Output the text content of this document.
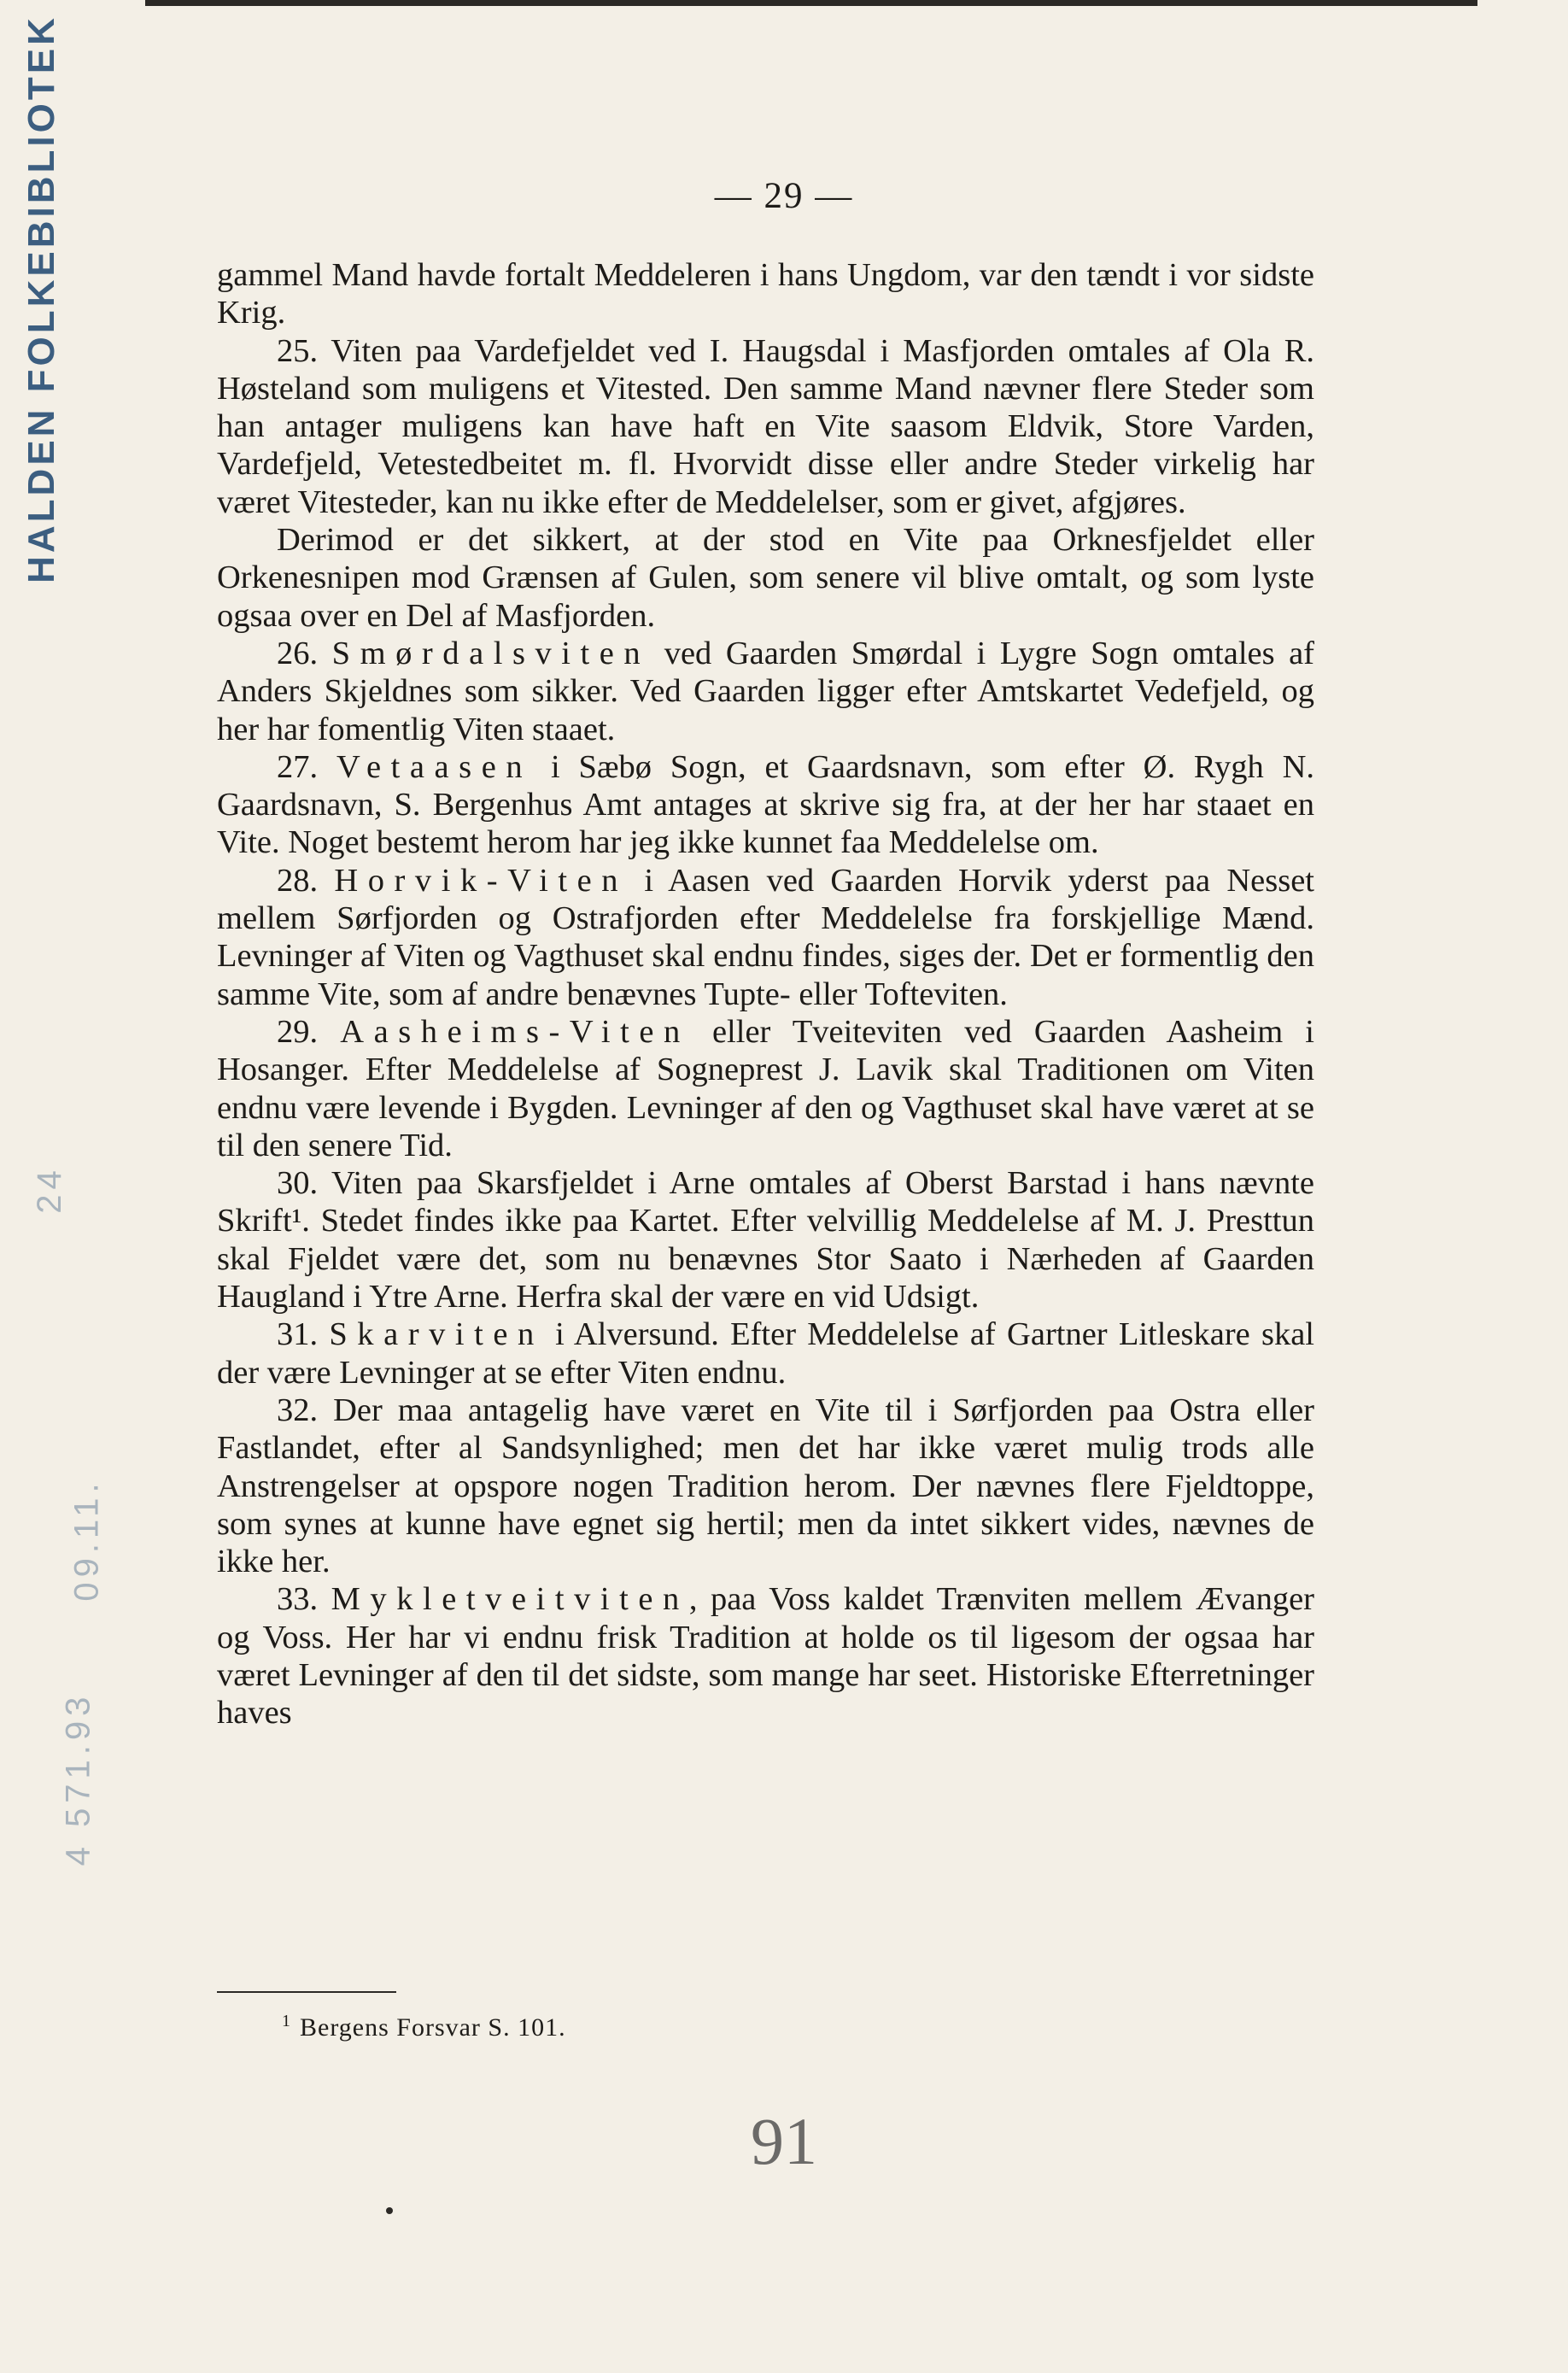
HALDEN FOLKEBIBLIOTEK
24
09.11.
4 571.93
— 29 —

gammel Mand havde fortalt Meddeleren i hans Ungdom, var den tændt i vor sidste Krig.

25. Viten paa Vardefjeldet ved I. Haugsdal i Masfjorden omtales af Ola R. Høsteland som muligens et Vitested. Den samme Mand nævner flere Steder som han antager muligens kan have haft en Vite saasom Eldvik, Store Varden, Vardefjeld, Vetestedbeitet m. fl. Hvorvidt disse eller andre Steder virkelig har været Vitesteder, kan nu ikke efter de Meddelelser, som er givet, afgjøres.

Derimod er det sikkert, at der stod en Vite paa Orknesfjeldet eller Orkenesnipen mod Grænsen af Gulen, som senere vil blive omtalt, og som lyste ogsaa over en Del af Masfjorden.

26. Smørdalsviten ved Gaarden Smørdal i Lygre Sogn omtales af Anders Skjeldnes som sikker. Ved Gaarden ligger efter Amtskartet Vedefjeld, og her har fomentlig Viten staaet.

27. Vetaasen i Sæbø Sogn, et Gaardsnavn, som efter Ø. Rygh N. Gaardsnavn, S. Bergenhus Amt antages at skrive sig fra, at der her har staaet en Vite. Noget bestemt herom har jeg ikke kunnet faa Meddelelse om.

28. Horvik-Viten i Aasen ved Gaarden Horvik yderst paa Nesset mellem Sørfjorden og Ostrafjorden efter Meddelelse fra forskjellige Mænd. Levninger af Viten og Vagthuset skal endnu findes, siges der. Det er formentlig den samme Vite, som af andre benævnes Tupte- eller Tofteviten.

29. Aasheims-Viten eller Tveiteviten ved Gaarden Aasheim i Hosanger. Efter Meddelelse af Sogneprest J. Lavik skal Traditionen om Viten endnu være levende i Bygden. Levninger af den og Vagthuset skal have været at se til den senere Tid.

30. Viten paa Skarsfjeldet i Arne omtales af Oberst Barstad i hans nævnte Skrift¹. Stedet findes ikke paa Kartet. Efter velvillig Meddelelse af M. J. Presttun skal Fjeldet være det, som nu benævnes Stor Saato i Nærheden af Gaarden Haugland i Ytre Arne. Herfra skal der være en vid Udsigt.

31. Skarviten i Alversund. Efter Meddelelse af Gartner Litleskare skal der være Levninger at se efter Viten endnu.

32. Der maa antagelig have været en Vite til i Sørfjorden paa Ostra eller Fastlandet, efter al Sandsynlighed; men det har ikke været mulig trods alle Anstrengelser at opspore nogen Tradition herom. Der nævnes flere Fjeldtoppe, som synes at kunne have egnet sig hertil; men da intet sikkert vides, nævnes de ikke her.

33. Mykletveitviten, paa Voss kaldet Trænviten mellem Ævanger og Voss. Her har vi endnu frisk Tradition at holde os til ligesom der ogsaa har været Levninger af den til det sidste, som mange har seet. Historiske Efterretninger haves

$^1$ Bergens Forsvar S. 101.
91
